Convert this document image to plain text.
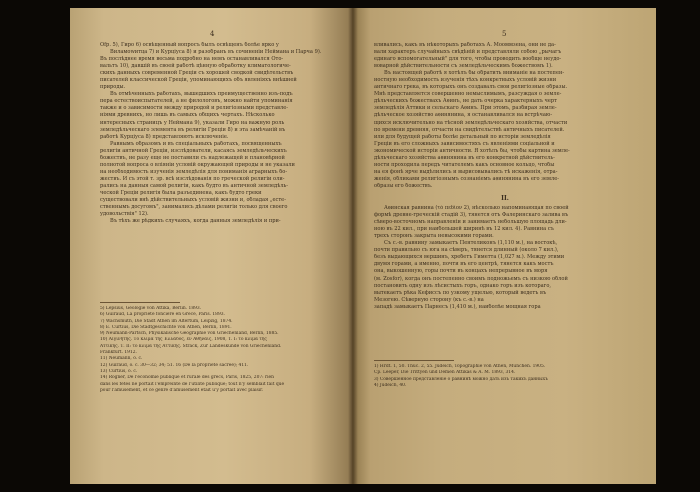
4
Ofp. 5), Гиро 6) освѣщенный вопросъ былъ освѣщенъ болѣе ярко у
Виламоwитца 7) и Курціуса 8) и разобранъ въ сочиненіи Неймана и Парча 9).
Въ послѣднее время весьма подробно на немъ останавливался Ото-
вальтъ 10), давшій въ своей работѣ цѣнную обработку климатологиче-
скихъ данныхъ современной Греціи съ хорошей сводкой свидѣтельствъ
писателей классической Греціи, упоминающихъ объ явленіяхъ внѣшней
природы.
Въ отмѣченныхъ работахъ, вышедшихъ преимущественно изъ-подъ
пера естествоиспытателей, а не филологовъ, можно найти упоминанія
также и о зависимости между природой и религіозными представле-
ніями древнихъ, но лишь въ самыхъ общихъ чертахъ. Нѣсколько
интересныхъ страницъ у Неймана 9), указали Гиро на важную роль
земледѣльческаго элемента въ религіи Греціи 8) и эта замѣчаній въ
работѣ Курціуса 8) представляютъ исключеніе.
Равнымъ образомъ и въ спеціальныхъ работахъ, посвященныхъ
религіи античной Греціи, изслѣдователи, касаясь земледѣльческихъ
божествъ, не разу еще не поставили съ надлежащей и плановѣрной
полнотой вопроса о вліяніи условій окружающей природы и не указали
на необходимость изученія земледѣлія для пониманія аграрныхъ бо-
жествъ. И съ этой т. зр. всѣ изслѣдованія по греческой религіи оли-
рались на данныя самой религіи, какъ будто въ античной земледѣль-
ческой Греціи религія была разъединена, какъ будто греки
существовали внѣ дѣйствительныхъ условій жизни и, обладая „есте-
ственнымъ досугомъ", занимались дѣлами религіи только для своего
удовольствія" 12).
Въ тѣхъ же рѣдкихъ случаяхъ, когда данныя земледѣлія и при-
5) Lepsius, Geologie von Attika, Berlin. 1893.
6) Guiraud, La propriété foncière en Grèce, Paris. 1893.
7) Wachsmuth, Die Stadt Athen im Altertum, Leipzig, 1874.
8) E. Curtius, Die Stadtgeschichte von Athen, Berlin, 1891.
9) Neumann-Partsch, Physikalische Geographie von Griechenland, Berlin, 1885.
10) Αἰγινήτης. Τὸ κλίμα τῆς Ἑλλάδος, ἐν Ἀθήναις, 1908, Τ. Ι: τὸ κλίμα τῆς
Ἀττικῆς. Т. II: τὸ κλίμα τῆς Ἀττικῆς. Strack, Zur Landeskunde von Griechenland.
Frankfurt. 1912.
11) Neumann, o. c.
12) Guiraud, o. c. 30—32; 34; 51. 16 (De la propriété sacrée); 411.
13) Curtius, o. c.
14) Rogner, De l'économie publique et rurale des grecs, Paris, 1825, 207: rien
dans les fêtes ne portait l'empreinte de l'utilité publique; tout n'y semblait fait que
pour l'amusement, et ce genre d'amusement était u'y portait avec plaisir.
5
вливались, какъ въ нѣкоторыхъ работахъ А. Мооммзена, они не да-
вали характеръ случайныхъ свѣдѣній и представляли собою „рычагъ
единаго вспомогательный" для того, чтобы проводить вообще неудо-
воварной дѣйствительности съ земледѣльческимъ божествомъ 1).
Въ настоящей работѣ я хотѣлъ бы обратить вниманіе на постепен-
ностную необходимость изученія тѣхъ конкретныхъ условій жизни
античнаго грека, въ которыхъ онъ создавалъ свои религіозные образы.
Мнѣ представляется совершенно немыслимымъ, разсуждая о земле-
дѣльческихъ божествахъ Аѳинъ, не дать очерка характерныхъ черт
земледѣлія Аттики и сельскаго Аѳинъ. При этомъ, разбирая земле-
дѣльческое хозяйство аѳинянина, я останавливался на встрѣчаю-
щихся исключительно на тѣсной земледѣльческаго хозяйства, отчасти
по времени древняя, отчасти на свидѣтельствѣ античныхъ писателей.
или для будущей работы болѣе детальный по исторіи земледѣлія
Греціи въ его сложныхъ зависимостяхъ съ явленіями соціальной и
экономической исторіи античности. Я хотѣлъ бы, чтобы картина земле-
дѣльческаго хозяйства аѳинянина въ его конкретной дѣйствитель-
ности проходила передъ читателемъ какъ основное кольцо, чтобы
на ея фонѣ ярче выдѣлились и вырисовывались тѣ искаженія, отра-
женія, обликами религіознымъ сознаніемъ аѳинянина въ его земле-
образы его божествъ.
II.
Аѳинская равнина (τὸ πεδίον 2), нѣсколько напоминающая по своей
формѣ древне-греческій стадій 3), тянется отъ Фалеринскаго залива въ
сѣверо-восточномъ направленіи и занимаетъ небольшую площадь дли-
ною въ 22 кил., при наибольшей ширинѣ въ 12 кил. 4). Равнина съ
трехъ сторонъ закрыта невысокими горами.
Съ с.-в. равнину замыкаетъ Пентеликонъ (1,110 м.), на востокѣ,
почти правильно съ юга на сѣверъ, тянется длинный (около 7 кил.),
безъ выдающихся вершинъ, хребетъ Гиметта (1,027 м.). Между этими
двумя горами, а именно, почти въ его центрѣ, тянется какъ мостъ
она, выкошенную, горы почти въ концахъ непрерывное въ моря
(м. Zosfor), когда онъ постепенно своимъ подножьемъ съ низкою облой
постановить одну изъ лѣсистыхъ горъ, однако горъ изъ котораго,
вытекаетъ рѣка Кефиссъ по узкому ущелью, который ведетъ въ
Мезогею. Сѣверную сторону (къ с.-в.) на
западѣ замыкаетъ Парнесъ (1,410 м.), наиболѣе мощная гора
1) Hrdt. 1, 50. Thuc. 2, 55. Judeich, Topographie von Athen, München. 1905.
Cp. Leeper, Die Trittyen und Demen Attikas & A. M. 1893, 314.
3) Совершенное представленіе о равнинѣ можно дать изъ такихъ данныхъ
4) Judeich, 40.
